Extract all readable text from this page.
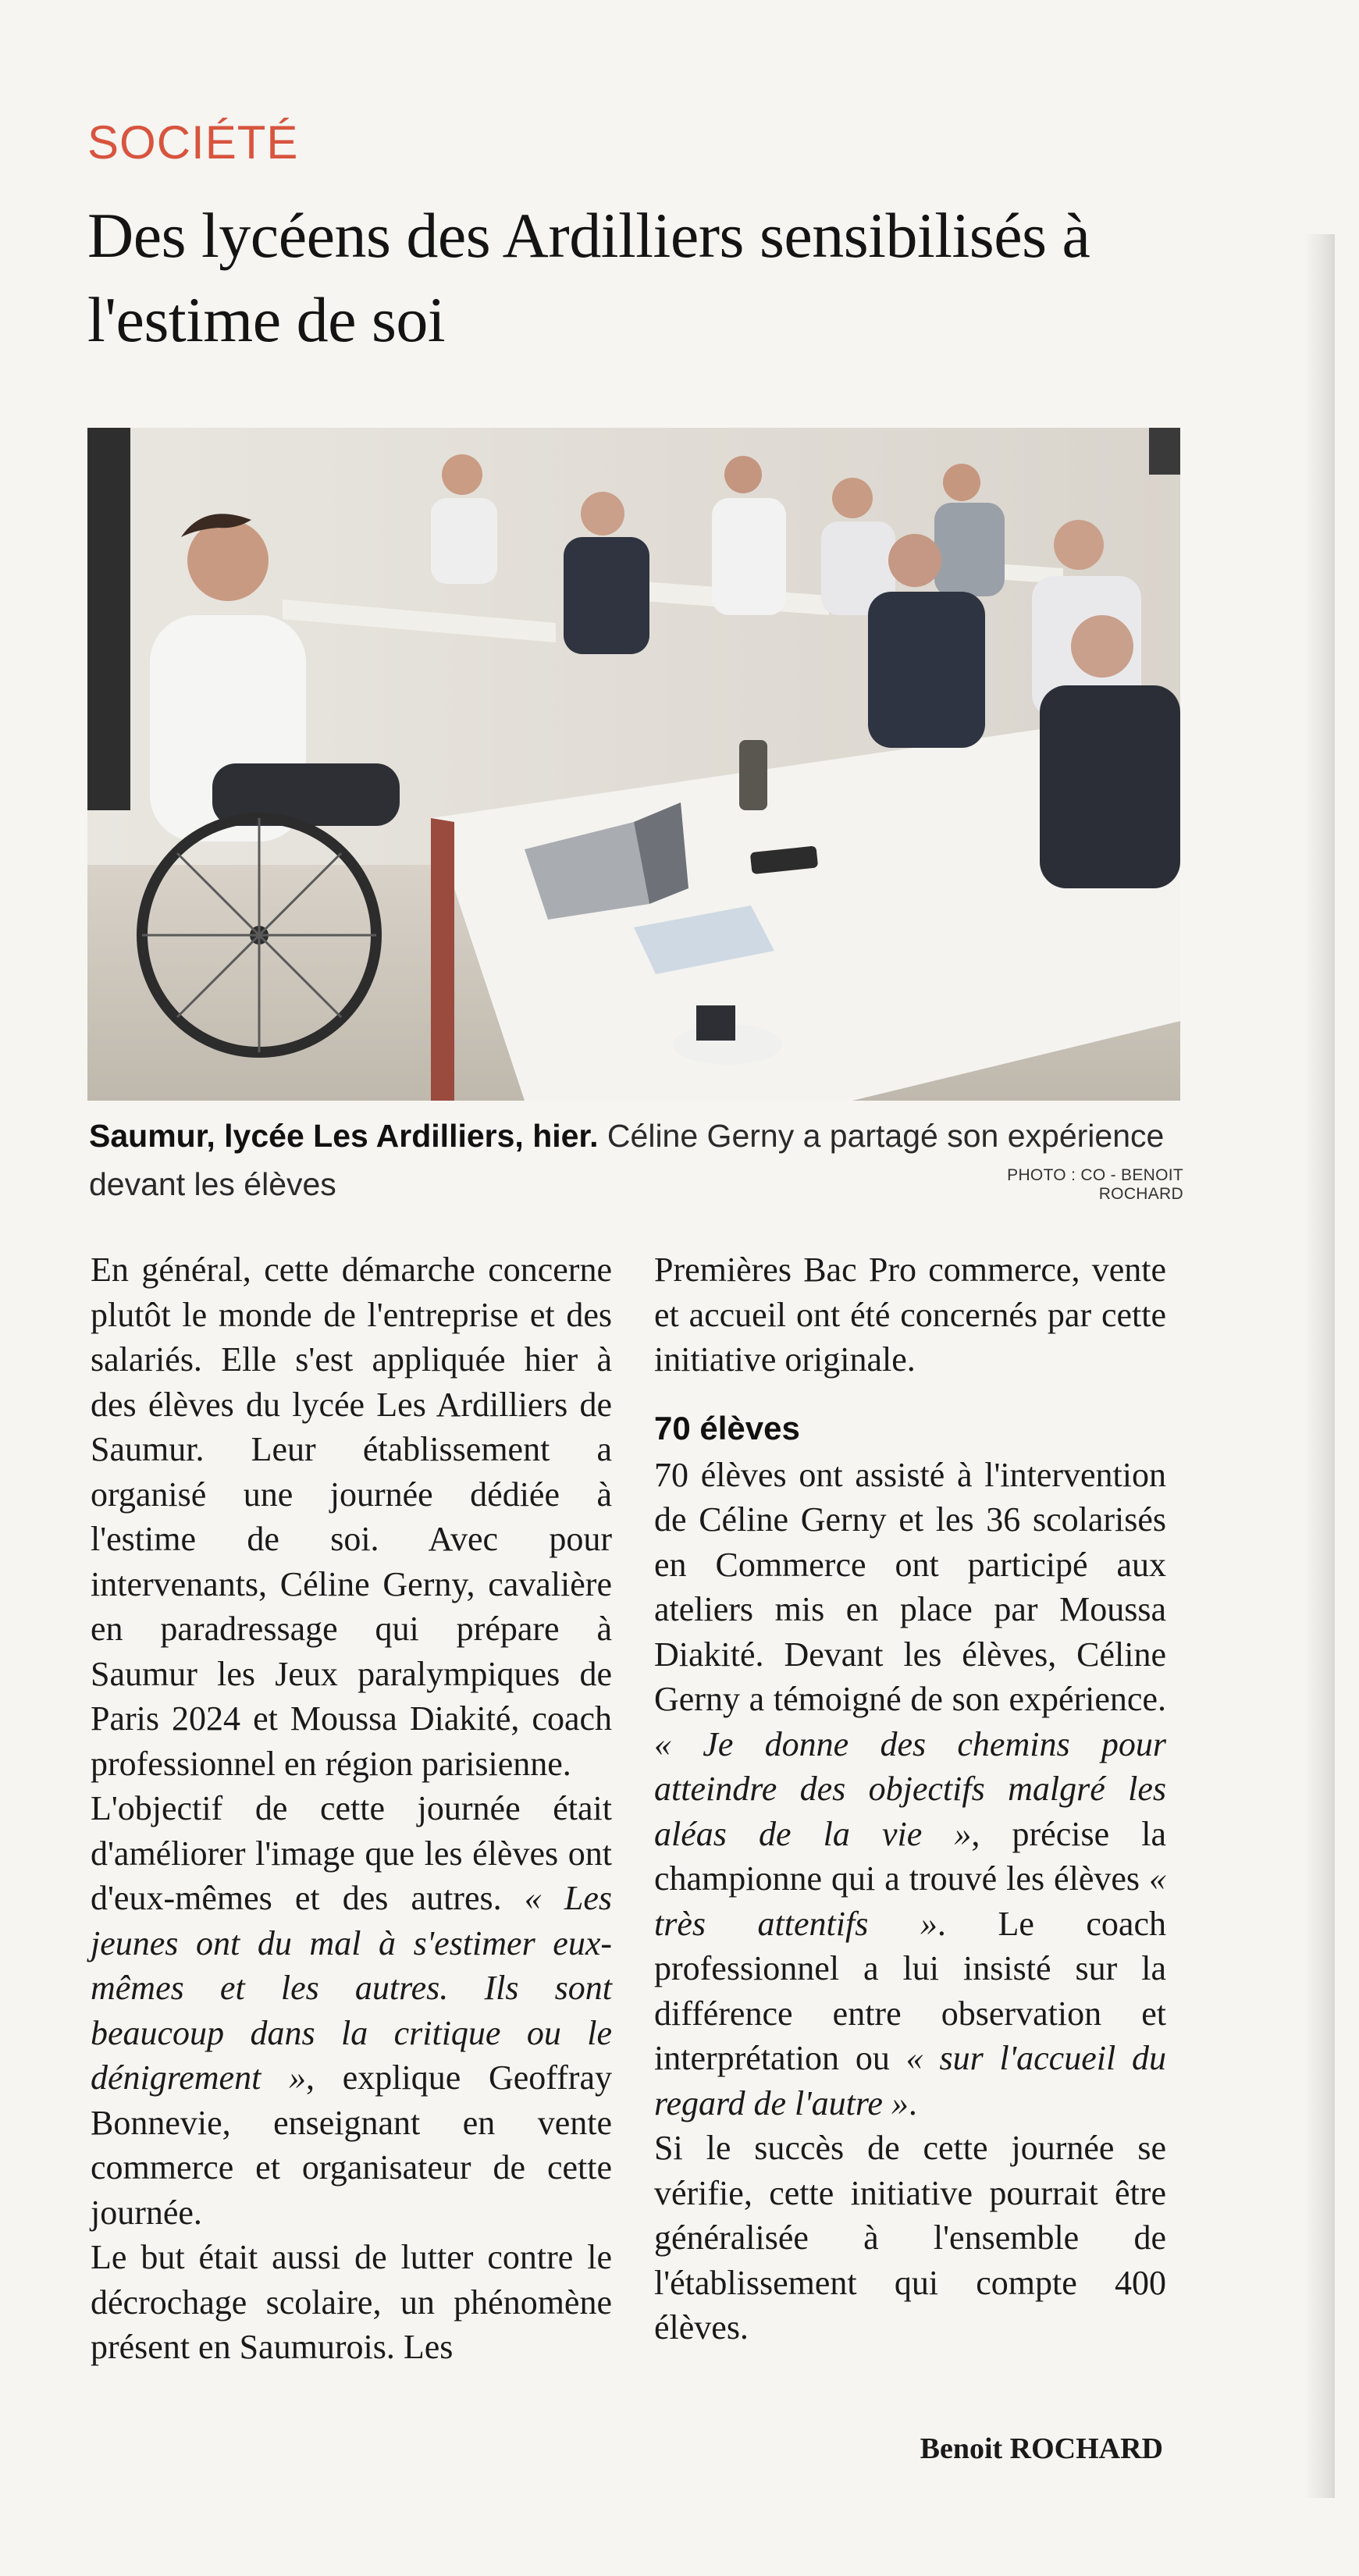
SOCIÉTÉ
Des lycéens des Ardilliers sensibilisés à l'estime de soi

Saumur, lycée Les Ardilliers, hier. Céline Gerny a partagé son expérience devant les élèves	PHOTO : CO - BENOIT ROCHARD

En général, cette démarche concerne plutôt le monde de l'entreprise et des salariés. Elle s'est appliquée hier à des élèves du lycée Les Ardilliers de Saumur. Leur établissement a organisé une journée dédiée à l'estime de soi. Avec pour intervenants, Céline Gerny, cavalière en paradressage qui prépare à Saumur les Jeux paralympiques de Paris 2024 et Moussa Diakité, coach professionnel en région parisienne.

L'objectif de cette journée était d'améliorer l'image que les élèves ont d'eux-mêmes et des autres. « Les jeunes ont du mal à s'estimer eux-mêmes et les autres. Ils sont beaucoup dans la critique ou le dénigrement », explique Geoffray Bonnevie, enseignant en vente commerce et organisateur de cette journée.

Le but était aussi de lutter contre le décrochage scolaire, un phénomène présent en Saumurois. Les

Premières Bac Pro commerce, vente et accueil ont été concernés par cette initiative originale.

70 élèves

70 élèves ont assisté à l'intervention de Céline Gerny et les 36 scolarisés en Commerce ont participé aux ateliers mis en place par Moussa Diakité. Devant les élèves, Céline Gerny a témoigné de son expérience. « Je donne des chemins pour atteindre des objectifs malgré les aléas de la vie », précise la championne qui a trouvé les élèves « très attentifs ». Le coach professionnel a lui insisté sur la différence entre observation et interprétation ou « sur l'accueil du regard de l'autre ».

Si le succès de cette journée se vérifie, cette initiative pourrait être généralisée à l'ensemble de l'établissement qui compte 400 élèves.

Benoit ROCHARD
